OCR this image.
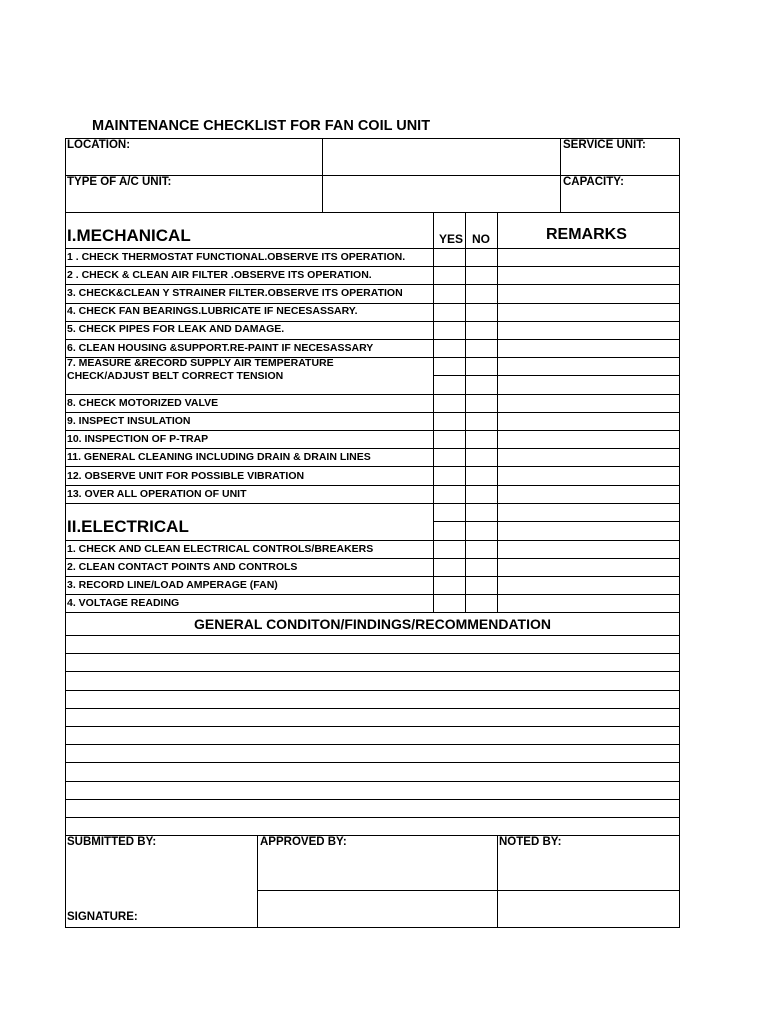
MAINTENANCE CHECKLIST FOR FAN COIL UNIT
LOCATION:	SERVICE UNIT:
TYPE OF A/C UNIT:	CAPACITY:
I.MECHANICAL	YES NO	REMARKS
1 . CHECK THERMOSTAT FUNCTIONAL.OBSERVE ITS OPERATION.
2 . CHECK & CLEAN AIR FILTER .OBSERVE ITS OPERATION.
3. CHECK&CLEAN Y STRAINER FILTER.OBSERVE ITS OPERATION
4. CHECK FAN BEARINGS.LUBRICATE IF NECESASSARY.
5. CHECK PIPES FOR LEAK AND DAMAGE.
6. CLEAN HOUSING &SUPPORT.RE-PAINT IF NECESASSARY
7. MEASURE &RECORD SUPPLY AIR TEMPERATURE
CHECK/ADJUST BELT CORRECT TENSION
8. CHECK MOTORIZED VALVE
9. INSPECT INSULATION
10. INSPECTION OF P-TRAP
11. GENERAL CLEANING INCLUDING DRAIN & DRAIN LINES
12. OBSERVE UNIT FOR POSSIBLE VIBRATION
13. OVER ALL OPERATION OF UNIT
II.ELECTRICAL
1. CHECK AND CLEAN ELECTRICAL CONTROLS/BREAKERS
2. CLEAN CONTACT POINTS AND CONTROLS
3. RECORD LINE/LOAD AMPERAGE (FAN)
4. VOLTAGE READING
GENERAL CONDITON/FINDINGS/RECOMMENDATION
SUBMITTED BY:	APPROVED BY:	NOTED BY:
SIGNATURE:
